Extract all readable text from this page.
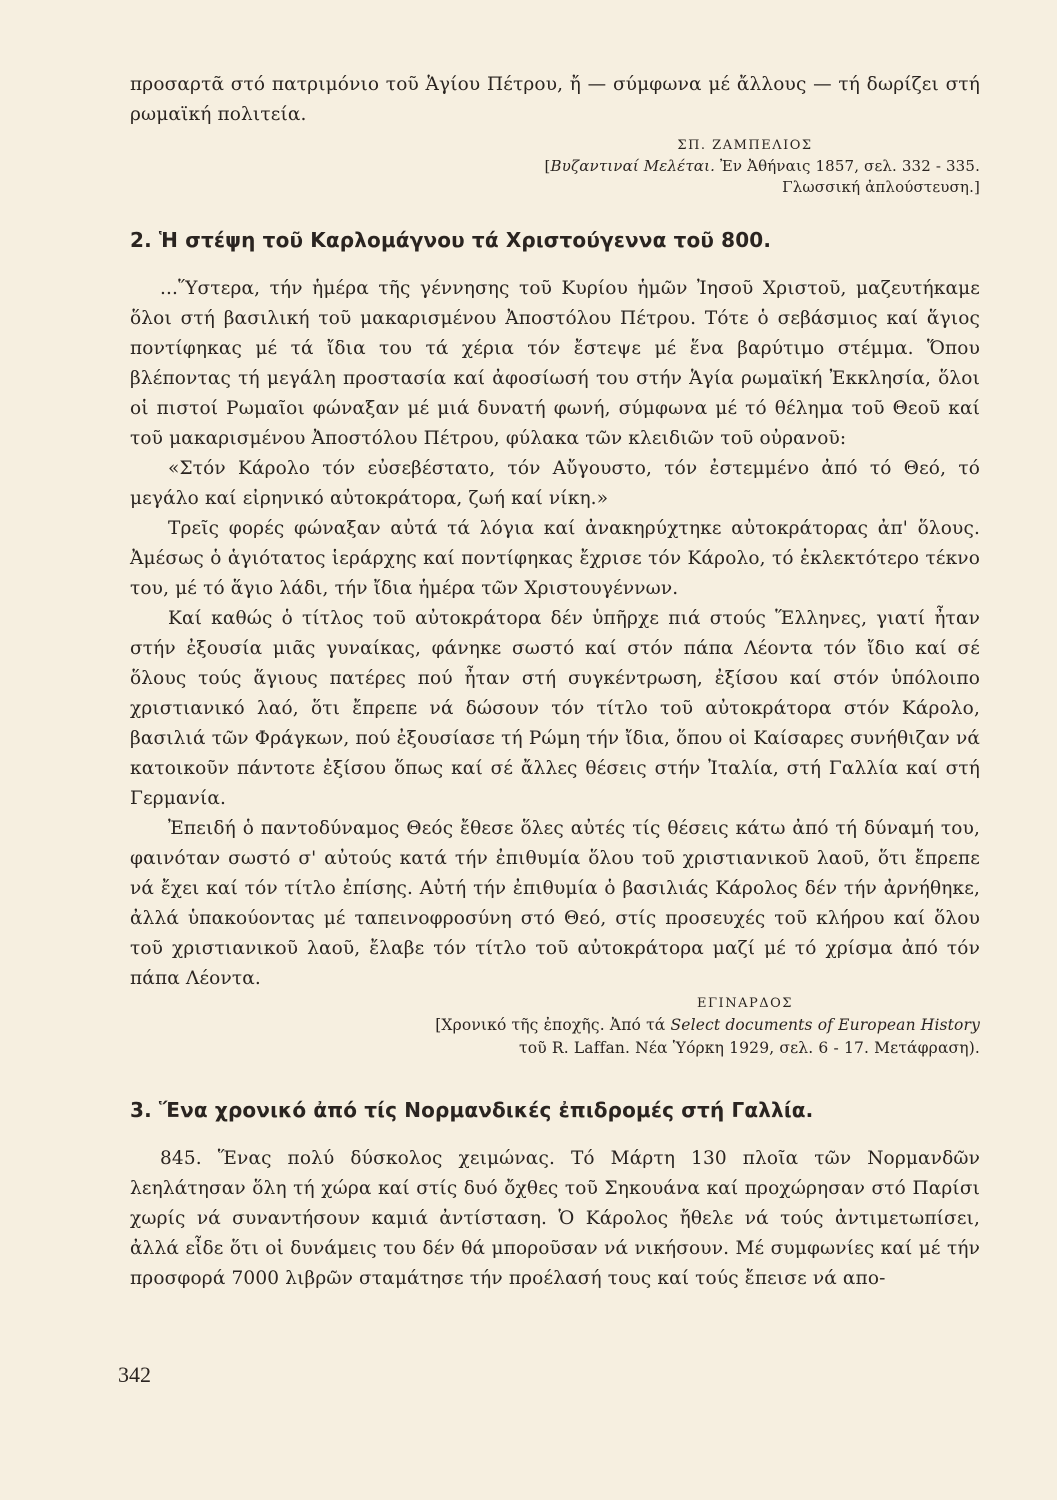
προσαρτᾶ στό πατριμόνιο τοῦ Ἁγίου Πέτρου, ἤ — σύμφωνα μέ ἄλλους — τή δωρίζει στή ρωμαϊκή πολιτεία.

ΣΠ. ΖΑΜΠΕΛΙΟΣ
[Βυζαντιναί Μελέται. Ἐν Ἀθήναις 1857, σελ. 332 - 335.
Γλωσσική ἀπλούστευση.]
2. Ἡ στέψη τοῦ Καρλομάγνου τά Χριστούγεννα τοῦ 800.

...Ὕστερα, τήν ἡμέρα τῆς γέννησης τοῦ Κυρίου ἡμῶν Ἰησοῦ Χριστοῦ, μαζευτήκαμε ὅλοι στή βασιλική τοῦ μακαρισμένου Ἀποστόλου Πέτρου. Τότε ὁ σεβάσμιος καί ἅγιος ποντίφηκας μέ τά ἴδια του τά χέρια τόν ἔστεψε μέ ἕνα βαρύτιμο στέμμα. Ὅπου βλέποντας τή μεγάλη προστασία καί ἀφοσίωσή του στήν Ἁγία ρωμαϊκή Ἐκκλησία, ὅλοι οἱ πιστοί Ρωμαῖοι φώναξαν μέ μιά δυνατή φωνή, σύμφωνα μέ τό θέλημα τοῦ Θεοῦ καί τοῦ μακαρισμένου Ἀποστόλου Πέτρου, φύλακα τῶν κλειδιῶν τοῦ οὐρανοῦ:

«Στόν Κάρολο τόν εὐσεβέστατο, τόν Αὔγουστο, τόν ἐστεμμένο ἀπό τό Θεό, τό μεγάλο καί εἰρηνικό αὐτοκράτορα, ζωή καί νίκη.»

Τρεῖς φορές φώναξαν αὐτά τά λόγια καί ἀνακηρύχτηκε αὐτοκράτορας ἀπ' ὅλους. Ἀμέσως ὁ ἁγιότατος ἱεράρχης καί ποντίφηκας ἔχρισε τόν Κάρολο, τό ἐκλεκτότερο τέκνο του, μέ τό ἅγιο λάδι, τήν ἴδια ἡμέρα τῶν Χριστουγέννων.

Καί καθώς ὁ τίτλος τοῦ αὐτοκράτορα δέν ὑπῆρχε πιά στούς Ἕλληνες, γιατί ἦταν στήν ἐξουσία μιᾶς γυναίκας, φάνηκε σωστό καί στόν πάπα Λέοντα τόν ἴδιο καί σέ ὅλους τούς ἅγιους πατέρες πού ἦταν στή συγκέντρωση, ἐξίσου καί στόν ὑπόλοιπο χριστιανικό λαό, ὅτι ἔπρεπε νά δώσουν τόν τίτλο τοῦ αὐτοκράτορα στόν Κάρολο, βασιλιά τῶν Φράγκων, πού ἐξουσίασε τή Ρώμη τήν ἴδια, ὅπου οἱ Καίσαρες συνήθιζαν νά κατοικοῦν πάντοτε ἐξίσου ὅπως καί σέ ἄλλες θέσεις στήν Ἰταλία, στή Γαλλία καί στή Γερμανία.

Ἐπειδή ὁ παντοδύναμος Θεός ἔθεσε ὅλες αὐτές τίς θέσεις κάτω ἀπό τή δύναμή του, φαινόταν σωστό σ' αὐτούς κατά τήν ἐπιθυμία ὅλου τοῦ χριστιανικοῦ λαοῦ, ὅτι ἔπρεπε νά ἔχει καί τόν τίτλο ἐπίσης. Αὐτή τήν ἐπιθυμία ὁ βασιλιάς Κάρολος δέν τήν ἀρνήθηκε, ἀλλά ὑπακούοντας μέ ταπεινοφροσύνη στό Θεό, στίς προσευχές τοῦ κλήρου καί ὅλου τοῦ χριστιανικοῦ λαοῦ, ἔλαβε τόν τίτλο τοῦ αὐτοκράτορα μαζί μέ τό χρίσμα ἀπό τόν πάπα Λέοντα.

ΕΓΙΝΑΡΔΟΣ
[Χρονικό τῆς ἐποχῆς. Ἀπό τά Select documents of European History
τοῦ R. Laffan. Νέα Ὑόρκη 1929, σελ. 6 - 17. Μετάφραση).
3. Ἕνα χρονικό ἀπό τίς Νορμανδικές ἐπιδρομές στή Γαλλία.

845. Ἕνας πολύ δύσκολος χειμώνας. Τό Μάρτη 130 πλοῖα τῶν Νορμανδῶν λεηλάτησαν ὅλη τή χώρα καί στίς δυό ὄχθες τοῦ Σηκουάνα καί προχώρησαν στό Παρίσι χωρίς νά συναντήσουν καμιά ἀντίσταση. Ὁ Κάρολος ἤθελε νά τούς ἀντιμετωπίσει, ἀλλά εἶδε ὅτι οἱ δυνάμεις του δέν θά μποροῦσαν νά νικήσουν. Μέ συμφωνίες καί μέ τήν προσφορά 7000 λιβρῶν σταμάτησε τήν προέλασή τους καί τούς ἔπεισε νά απο-

342
